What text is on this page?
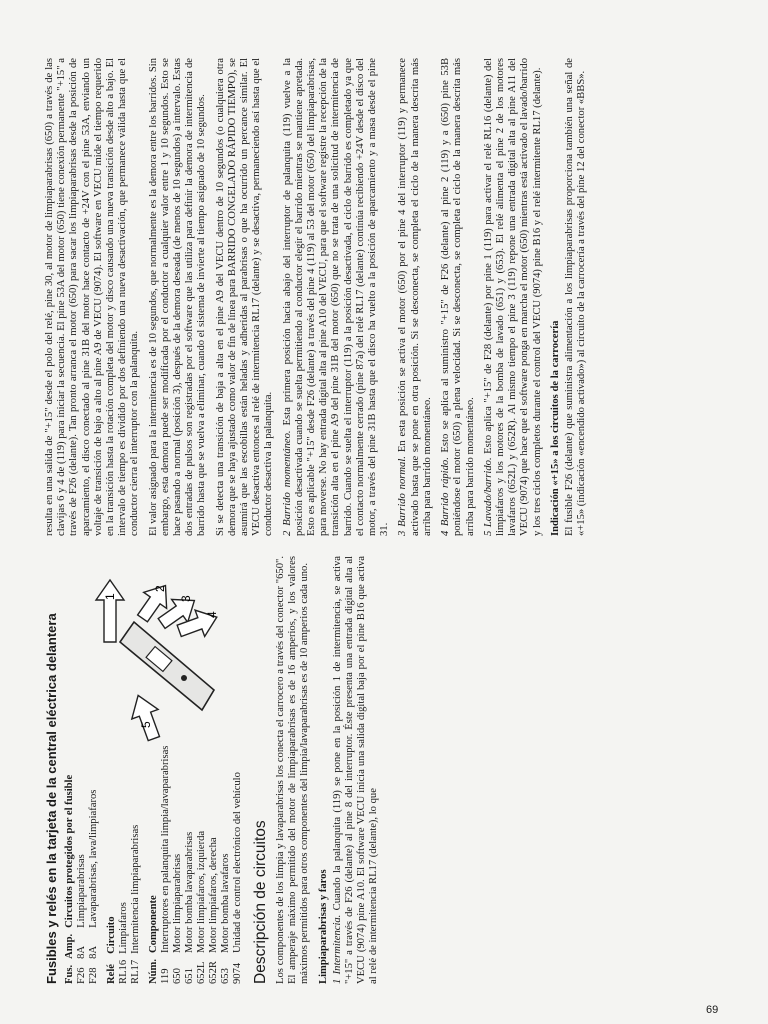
Fusibles y relés en la tarjeta de la central eléctrica delantera Fus.	Amp.	Circuitos protegidos por el fusible
F26	8A	Limpiaparabrisas
F28	8A	Lavaparabrisas, lava/limpiafaros
Relé	Circuito
RL16	Limpiafaros
RL17	Intermitencia limpiaparabrisas
Núm.	Componente
119	Interruptores en palanquita limpia/lavaparabrisas
650	Motor limpiaparabrisas
651	Motor bomba lavaparabrisas
652L	Motor limpiafaros, izquierda
652R	Motor limpiafaros, derecha
653	Motor bomba lavafaros
9074	Unidad de control electrónico del vehículo Descripción de circuitos Los componentes de los limpia y lavaparabrisas los conecta el carrocero a través del conector "650". El amperaje máximo permitido del motor de limpiaparabrisas es de 16 amperios, y los valores máximos permitidos para otros componentes del limpia/lavaparabrisas es de 10 amperios cada uno. Limpiaparabrisas y faros 1 Intermitencia. Cuando la palanquita (119) se pone en la posición 1 de intermitencia, se activa "+15" a través de F26 (delante) al pine 8 del interruptor. Éste presenta una entrada digital alta al VECU (9074) pine A10. El software VECU inicia una salida digital baja por el pine B16 que activa al relé de intermitencia RL17 (delante), lo que

1
2
3
4
5

resulta en una salida de "+15" desde el polo del relé, pine 30, al motor de limpiaparabrisas (650) a través de las clavijas 6 y 4 de (119) para iniciar la secuencia. El pine 53A del motor (650) tiene conexión permanente "+15" a través de F26 (delante). Tan pronto arranca el motor (650) para sacar los limpiaparabrisas desde la posición de aparcamiento, el disco conectado al pine 31B del motor hace contacto de +24V con el pine 53A, enviando un voltaje de transición de bajo a alto al pine A9 de VECU (9074). El software en VECU mide el tiempo requerido en la transición hasta la rotación completa del motor y disco causando una nueva transición desde alto a bajo. El intervalo de tiempo es dividido por dos definiendo una nueva desactivación, que permanece válida hasta que el conductor cierra el interruptor con la palanquita. El valor asignado para la intermitencia es de 10 segundos, que normalmente es la demora entre los barridos. Sin embargo, esta demora puede ser modificada por el conductor a cualquier valor entre 1 y 10 segundos. Esto se hace pasando a normal (posición 3), después de la demora deseada (de menos de 10 segundos) a intervalo. Estas dos entradas de pulsos son registradas por el software que las utiliza para definir la demora de intermitencia de barrido hasta que se vuelva a eliminar, cuando el sistema de invierte al tiempo asignado de 10 segundos. Si se detecta una transición de baja a alta en el pine A9 del VECU dentro de 10 segundos (o cualquiera otra demora que se haya ajustado como valor de fin de línea para BARRIDO CONGELADO RÁPIDO TIEMPO), se asumirá que las escobillas están heladas y adheridas al parabrisas o que ha ocurrido un percance similar. El VECU desactiva entonces al relé de intermitencia RL17 (delante) y se desactiva, permaneciendo así hasta que el conductor desactiva la palanquita. 2 Barrido momentáneo. Esta primera posición hacia abajo del interruptor de palanquita (119) vuelve a la posición desactivada cuando se suelta permitiendo al conductor elegir el barrido mientras se mantiene apretada. Esto es aplicable "+15" desde F26 (delante) a través del pine 4 (119) al 53 del motor (650) del limpiaparabrisas, para moverse. No hay entrada digital alta al pine A10 del VECU, para que el software registre la recepción de la transición alta en el pine A9 del pine 31B del motor (650) que no se trata de una solicitud de intermitencia de barrido. Cuando se suelta el interruptor (119) a la posición desactivada, el ciclo de barrido es completado ya que el contacto normalmente cerrado (pine 87a) del relé RL17 (delante) continúa recibiendo +24V desde el disco del motor, a través del pine 31B hasta que el disco ha vuelto a la posición de aparcamiento y a masa desde el pine 31. 3 Barrido normal. En esta posición se activa el motor (650) por el pine 4 del interruptor (119) y permanece activado hasta que se pone en otra posición. Si se desconecta, se completa el ciclo de la manera descrita más arriba para barrido momentáneo. 4 Barrido rápido. Esto se aplica al suministro "+15" de F26 (delante) al pine 2 (119) y a (650) pine 53B poniéndose el motor (650) a plena velocidad. Si se desconecta, se completa el ciclo de la manera descrita más arriba para barrido momentáneo. 5 Lavado/barrido. Esto aplica "+15" de F28 (delante) por pine 1 (119) para activar el relé RL16 (delante) del limpiafaros y los motores de la bomba de lavado (651) y (653). El relé alimenta el pine 2 de los motores lavafaros (652L) y (652R). Al mismo tiempo el pine 3 (119) repone una entrada digital alta al pine A11 del VECU (9074) que hace que el software ponga en marcha el motor (650) mientras está activado el lavado/barrido y los tres ciclos completos durante el control del VECU (9074) pine B16 y el relé intermitente RL17 (delante). Indicación «+15» a los circuitos de la carrocería El fusible F26 (delante) que suministra alimentación a los limpiaparabrisas proporciona también una señal de «+15» (indicación «encendido activado») al circuito de la carrocería a través del pine 12 del conector «BBS».

69
